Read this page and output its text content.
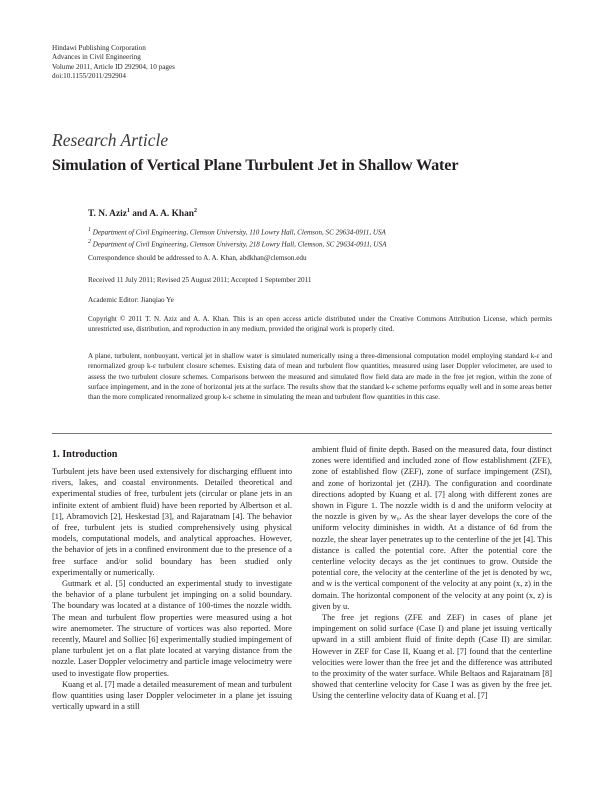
Hindawi Publishing Corporation
Advances in Civil Engineering
Volume 2011, Article ID 292904, 10 pages
doi:10.1155/2011/292904
Research Article
Simulation of Vertical Plane Turbulent Jet in Shallow Water
T. N. Aziz$^1$ and A. A. Khan$^2$
$^1$ Department of Civil Engineering, Clemson University, 110 Lowry Hall, Clemson, SC 29634-0911, USA
$^2$ Department of Civil Engineering, Clemson University, 218 Lowry Hall, Clemson, SC 29634-0911, USA
Correspondence should be addressed to A. A. Khan, abdkhan@clemson.edu
Received 11 July 2011; Revised 25 August 2011; Accepted 1 September 2011
Academic Editor: Jianqiao Ye
Copyright © 2011 T. N. Aziz and A. A. Khan. This is an open access article distributed under the Creative Commons Attribution License, which permits unrestricted use, distribution, and reproduction in any medium, provided the original work is properly cited.
A plane, turbulent, nonbuoyant, vertical jet in shallow water is simulated numerically using a three-dimensional computation model employing standard k-ε and renormalized group k-ε turbulent closure schemes. Existing data of mean and turbulent flow quantities, measured using laser Doppler velocimeter, are used to assess the two turbulent closure schemes. Comparisons between the measured and simulated flow field data are made in the free jet region, within the zone of surface impingement, and in the zone of horizontal jets at the surface. The results show that the standard k-ε scheme performs equally well and in some areas better than the more complicated renormalized group k-ε scheme in simulating the mean and turbulent flow quantities in this case.
1. Introduction

Turbulent jets have been used extensively for discharging effluent into rivers, lakes, and coastal environments. Detailed theoretical and experimental studies of free, turbulent jets (circular or plane jets in an infinite extent of ambient fluid) have been reported by Albertson et al. [1], Abramovich [2], Heskestad [3], and Rajaratnam [4]. The behavior of free, turbulent jets is studied comprehensively using physical models, computational models, and analytical approaches. However, the behavior of jets in a confined environment due to the presence of a free surface and/or solid boundary has been studied only experimentally or numerically.

Gutmark et al. [5] conducted an experimental study to investigate the behavior of a plane turbulent jet impinging on a solid boundary. The boundary was located at a distance of 100-times the nozzle width. The mean and turbulent flow properties were measured using a hot wire anemometer. The structure of vortices was also reported. More recently, Maurel and Solliec [6] experimentally studied impingement of plane turbulent jet on a flat plate located at varying distance from the nozzle. Laser Doppler velocimetry and particle image velocimetry were used to investigate flow properties.

Kuang et al. [7] made a detailed measurement of mean and turbulent flow quantities using laser Doppler velocimeter in a plane jet issuing vertically upward in a still

ambient fluid of finite depth. Based on the measured data, four distinct zones were identified and included zone of flow establishment (ZFE), zone of established flow (ZEF), zone of surface impingement (ZSI), and zone of horizontal jet (ZHJ). The configuration and coordinate directions adopted by Kuang et al. [7] along with different zones are shown in Figure 1. The nozzle width is d and the uniform velocity at the nozzle is given by w₀. As the shear layer develops the core of the uniform velocity diminishes in width. At a distance of 6d from the nozzle, the shear layer penetrates up to the centerline of the jet [4]. This distance is called the potential core. After the potential core the centerline velocity decays as the jet continues to grow. Outside the potential core, the velocity at the centerline of the jet is denoted by wc, and w is the vertical component of the velocity at any point (x, z) in the domain. The horizontal component of the velocity at any point (x, z) is given by u.

The free jet regions (ZFE and ZEF) in cases of plane jet impingement on solid surface (Case I) and plane jet issuing vertically upward in a still ambient fluid of finite depth (Case II) are similar. However in ZEF for Case II, Kuang et al. [7] found that the centerline velocities were lower than the free jet and the difference was attributed to the proximity of the water surface. While Beltaos and Rajaratnam [8] showed that centerline velocity for Case I was as given by the free jet. Using the centerline velocity data of Kuang et al. [7]
